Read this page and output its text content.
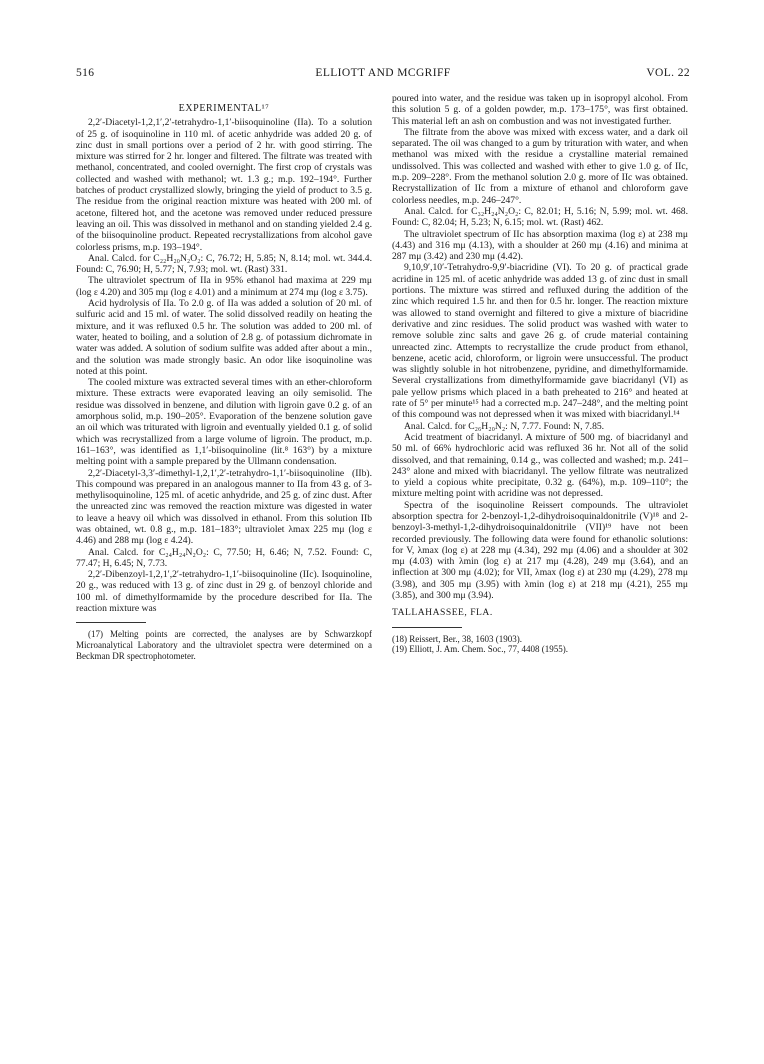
516	ELLIOTT AND MCGRIFF	VOL. 22

EXPERIMENTAL¹⁷

2,2′-Diacetyl-1,2,1′,2′-tetrahydro-1,1′-biisoquinoline (IIa). To a solution of 25 g. of isoquinoline in 110 ml. of acetic anhydride was added 20 g. of zinc dust in small portions over a period of 2 hr. with good stirring. The mixture was stirred for 2 hr. longer and filtered. The filtrate was treated with methanol, concentrated, and cooled overnight. The first crop of crystals was collected and washed with methanol; wt. 1.3 g.; m.p. 192–194°. Further batches of product crystallized slowly, bringing the yield of product to 3.5 g. The residue from the original reaction mixture was heated with 200 ml. of acetone, filtered hot, and the acetone was removed under reduced pressure leaving an oil. This was dissolved in methanol and on standing yielded 2.4 g. of the biisoquinoline product. Repeated recrystallizations from alcohol gave colorless prisms, m.p. 193–194°.

Anal. Calcd. for C₂₂H₂₀N₂O₂: C, 76.72; H, 5.85; N, 8.14; mol. wt. 344.4. Found: C, 76.90; H, 5.77; N, 7.93; mol. wt. (Rast) 331.

The ultraviolet spectrum of IIa in 95% ethanol had maxima at 229 mμ (log ε 4.20) and 305 mμ (log ε 4.01) and a minimum at 274 mμ (log ε 3.75).

Acid hydrolysis of IIa. To 2.0 g. of IIa was added a solution of 20 ml. of sulfuric acid and 15 ml. of water. The solid dissolved readily on heating the mixture, and it was refluxed 0.5 hr. The solution was added to 200 ml. of water, heated to boiling, and a solution of 2.8 g. of potassium dichromate in water was added. A solution of sodium sulfite was added after about a min., and the solution was made strongly basic. An odor like isoquinoline was noted at this point.

The cooled mixture was extracted several times with an ether-chloroform mixture. These extracts were evaporated leaving an oily semisolid. The residue was dissolved in benzene, and dilution with ligroin gave 0.2 g. of an amorphous solid, m.p. 190–205°. Evaporation of the benzene solution gave an oil which was triturated with ligroin and eventually yielded 0.1 g. of solid which was recrystallized from a large volume of ligroin. The product, m.p. 161–163°, was identified as 1,1′-biisoquinoline (lit.⁸ 163°) by a mixture melting point with a sample prepared by the Ullmann condensation.

2,2′-Diacetyl-3,3′-dimethyl-1,2,1′,2′-tetrahydro-1,1′-biisoquinoline (IIb). This compound was prepared in an analogous manner to IIa from 43 g. of 3-methylisoquinoline, 125 ml. of acetic anhydride, and 25 g. of zinc dust. After the unreacted zinc was removed the reaction mixture was digested in water to leave a heavy oil which was dissolved in ethanol. From this solution IIb was obtained, wt. 0.8 g., m.p. 181–183°; ultraviolet λmax 225 mμ (log ε 4.46) and 288 mμ (log ε 4.24).

Anal. Calcd. for C₂₄H₂₄N₂O₂: C, 77.50; H, 6.46; N, 7.52. Found: C, 77.47; H, 6.45; N, 7.73.

2,2′-Dibenzoyl-1,2,1′,2′-tetrahydro-1,1′-biisoquinoline (IIc). Isoquinoline, 20 g., was reduced with 13 g. of zinc dust in 29 g. of benzoyl chloride and 100 ml. of dimethylformamide by the procedure described for IIa. The reaction mixture was

(17) Melting points are corrected, the analyses are by Schwarzkopf Microanalytical Laboratory and the ultraviolet spectra were determined on a Beckman DR spectrophotometer.

poured into water, and the residue was taken up in isopropyl alcohol. From this solution 5 g. of a golden powder, m.p. 173–175°, was first obtained. This material left an ash on combustion and was not investigated further.

The filtrate from the above was mixed with excess water, and a dark oil separated. The oil was changed to a gum by trituration with water, and when methanol was mixed with the residue a crystalline material remained undissolved. This was collected and washed with ether to give 1.0 g. of IIc, m.p. 209–228°. From the methanol solution 2.0 g. more of IIc was obtained. Recrystallization of IIc from a mixture of ethanol and chloroform gave colorless needles, m.p. 246–247°.

Anal. Calcd. for C₃₂H₂₄N₂O₂: C, 82.01; H, 5.16; N, 5.99; mol. wt. 468. Found: C, 82.04; H, 5.23; N, 6.15; mol. wt. (Rast) 462.

The ultraviolet spectrum of IIc has absorption maxima (log ε) at 238 mμ (4.43) and 316 mμ (4.13), with a shoulder at 260 mμ (4.16) and minima at 287 mμ (3.42) and 230 mμ (4.42).

9,10,9′,10′-Tetrahydro-9,9′-biacridine (VI). To 20 g. of practical grade acridine in 125 ml. of acetic anhydride was added 13 g. of zinc dust in small portions. The mixture was stirred and refluxed during the addition of the zinc which required 1.5 hr. and then for 0.5 hr. longer. The reaction mixture was allowed to stand overnight and filtered to give a mixture of biacridine derivative and zinc residues. The solid product was washed with water to remove soluble zinc salts and gave 26 g. of crude material containing unreacted zinc. Attempts to recrystallize the crude product from ethanol, benzene, acetic acid, chloroform, or ligroin were unsuccessful. The product was slightly soluble in hot nitrobenzene, pyridine, and dimethylformamide. Several crystallizations from dimethylformamide gave biacridanyl (VI) as pale yellow prisms which placed in a bath preheated to 216° and heated at rate of 5° per minute¹⁵ had a corrected m.p. 247–248°, and the melting point of this compound was not depressed when it was mixed with biacridanyl.¹⁴

Anal. Calcd. for C₂₆H₂₀N₂: N, 7.77. Found: N, 7.85.

Acid treatment of biacridanyl. A mixture of 500 mg. of biacridanyl and 50 ml. of 66% hydrochloric acid was refluxed 36 hr. Not all of the solid dissolved, and that remaining, 0.14 g., was collected and washed; m.p. 241–243° alone and mixed with biacridanyl. The yellow filtrate was neutralized to yield a copious white precipitate, 0.32 g. (64%), m.p. 109–110°; the mixture melting point with acridine was not depressed.

Spectra of the isoquinoline Reissert compounds. The ultraviolet absorption spectra for 2-benzoyl-1,2-dihydroisoquinaldonitrile (V)¹⁸ and 2-benzoyl-3-methyl-1,2-dihydroisoquinaldonitrile (VII)¹⁹ have not been recorded previously. The following data were found for ethanolic solutions: for V, λmax (log ε) at 228 mμ (4.34), 292 mμ (4.06) and a shoulder at 302 mμ (4.03) with λmin (log ε) at 217 mμ (4.28), 249 mμ (3.64), and an inflection at 300 mμ (4.02); for VII, λmax (log ε) at 230 mμ (4.29), 278 mμ (3.98), and 305 mμ (3.95) with λmin (log ε) at 218 mμ (4.21), 255 mμ (3.85), and 300 mμ (3.94).

TALLAHASSEE, FLA.

(18) Reissert, Ber., 38, 1603 (1903).

(19) Elliott, J. Am. Chem. Soc., 77, 4408 (1955).
